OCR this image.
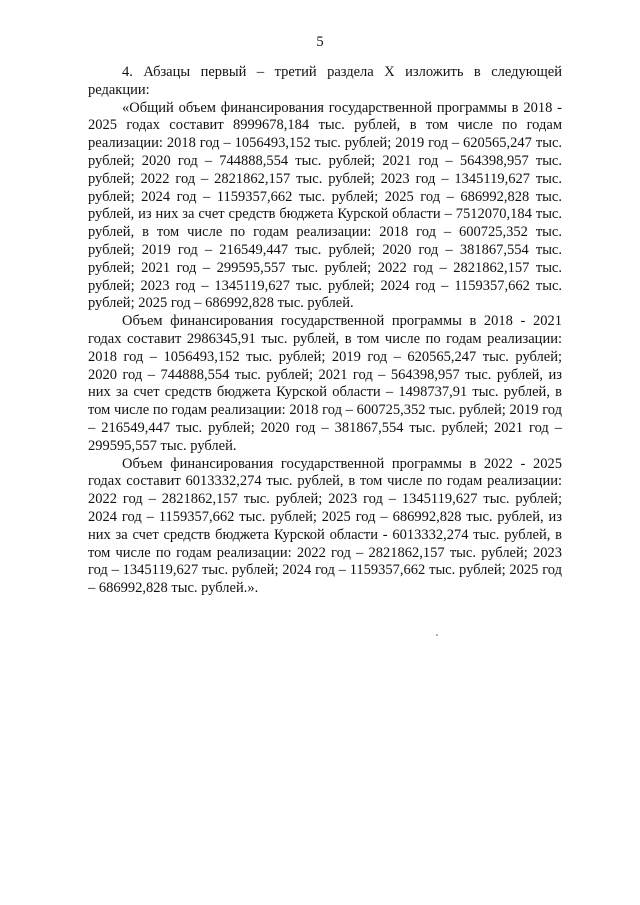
5

4. Абзацы первый – третий раздела X изложить в следующей редакции:

«Общий объем финансирования государственной программы в 2018 - 2025 годах составит 8999678,184 тыс. рублей, в том числе по годам реализации: 2018 год – 1056493,152 тыс. рублей; 2019 год – 620565,247 тыс. рублей; 2020 год – 744888,554 тыс. рублей; 2021 год – 564398,957 тыс. рублей; 2022 год – 2821862,157 тыс. рублей; 2023 год – 1345119,627 тыс. рублей; 2024 год – 1159357,662 тыс. рублей; 2025 год – 686992,828 тыс. рублей, из них за счет средств бюджета Курской области – 7512070,184 тыс. рублей, в том числе по годам реализации: 2018 год – 600725,352 тыс. рублей; 2019 год – 216549,447 тыс. рублей; 2020 год – 381867,554 тыс. рублей; 2021 год – 299595,557 тыс. рублей; 2022 год – 2821862,157 тыс. рублей; 2023 год – 1345119,627 тыс. рублей; 2024 год – 1159357,662 тыс. рублей; 2025 год – 686992,828 тыс. рублей.

Объем финансирования государственной программы в 2018 - 2021 годах составит 2986345,91 тыс. рублей, в том числе по годам реализации: 2018 год – 1056493,152 тыс. рублей; 2019 год – 620565,247 тыс. рублей; 2020 год – 744888,554 тыс. рублей; 2021 год – 564398,957 тыс. рублей, из них за счет средств бюджета Курской области – 1498737,91 тыс. рублей, в том числе по годам реализации: 2018 год – 600725,352 тыс. рублей; 2019 год – 216549,447 тыс. рублей; 2020 год – 381867,554 тыс. рублей; 2021 год – 299595,557 тыс. рублей.

Объем финансирования государственной программы в 2022 - 2025 годах составит 6013332,274 тыс. рублей, в том числе по годам реализации: 2022 год – 2821862,157 тыс. рублей; 2023 год – 1345119,627 тыс. рублей; 2024 год – 1159357,662 тыс. рублей; 2025 год – 686992,828 тыс. рублей, из них за счет средств бюджета Курской области - 6013332,274 тыс. рублей, в том числе по годам реализации: 2022 год – 2821862,157 тыс. рублей; 2023 год – 1345119,627 тыс. рублей; 2024 год – 1159357,662 тыс. рублей; 2025 год – 686992,828 тыс. рублей.».
